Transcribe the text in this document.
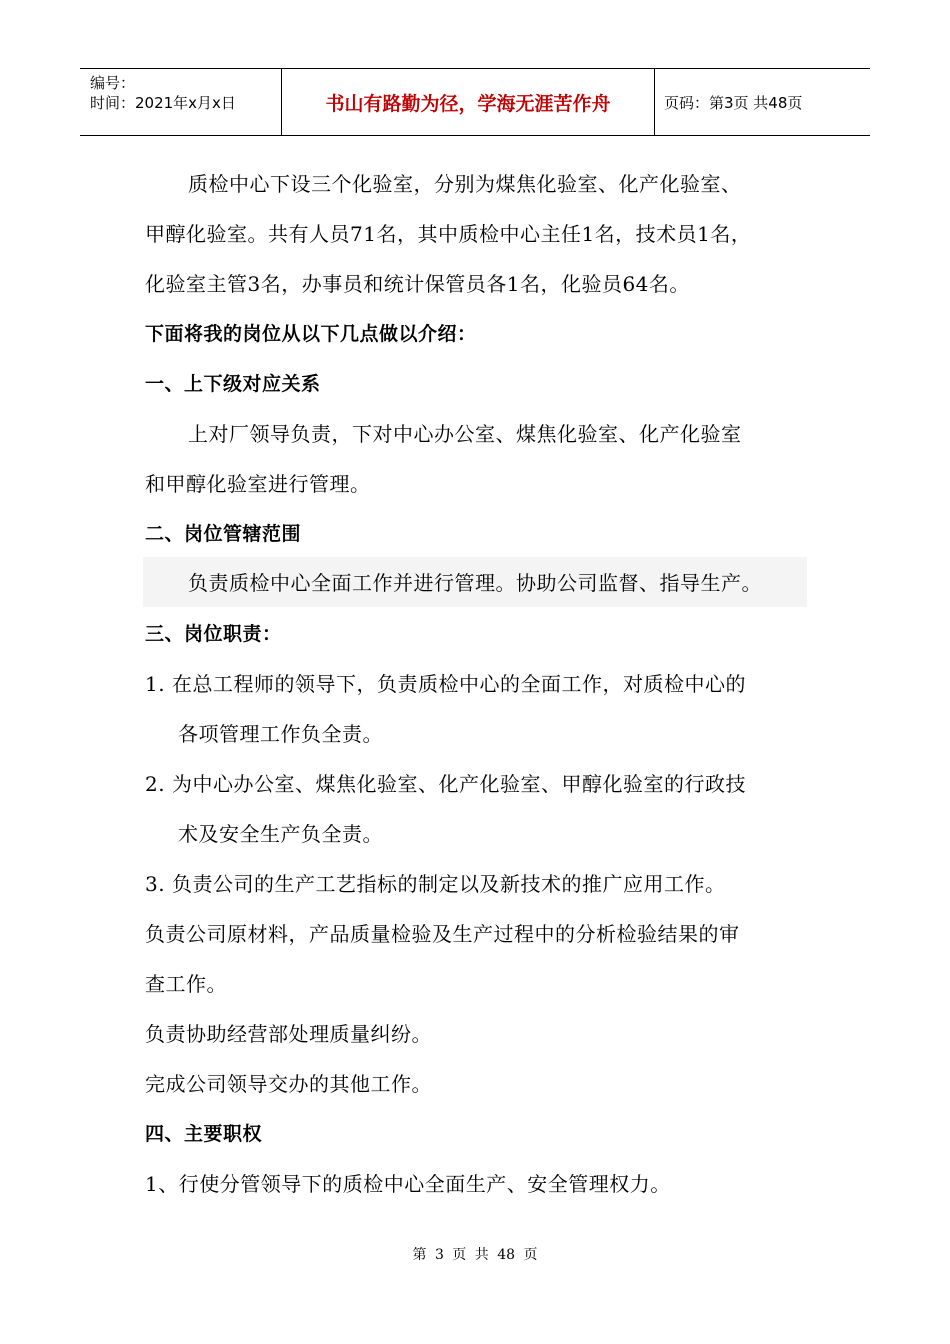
编号：
时间：2021年x月x日	书山有路勤为径，学海无涯苦作舟	页码：第3页 共48页
质检中心下设三个化验室，分别为煤焦化验室、化产化验室、
甲醇化验室。共有人员71名，其中质检中心主任1名，技术员1名，
化验室主管3名，办事员和统计保管员各1名，化验员64名。
下面将我的岗位从以下几点做以介绍：
一、上下级对应关系
上对厂领导负责，下对中心办公室、煤焦化验室、化产化验室
和甲醇化验室进行管理。
二、岗位管辖范围
负责质检中心全面工作并进行管理。协助公司监督、指导生产。
三、岗位职责：
1. 在总工程师的领导下，负责质检中心的全面工作，对质检中心的
各项管理工作负全责。
2. 为中心办公室、煤焦化验室、化产化验室、甲醇化验室的行政技
术及安全生产负全责。
3. 负责公司的生产工艺指标的制定以及新技术的推广应用工作。
负责公司原材料，产品质量检验及生产过程中的分析检验结果的审
查工作。
负责协助经营部处理质量纠纷。
完成公司领导交办的其他工作。
四、主要职权
1、行使分管领导下的质检中心全面生产、安全管理权力。
第 3 页 共 48 页
